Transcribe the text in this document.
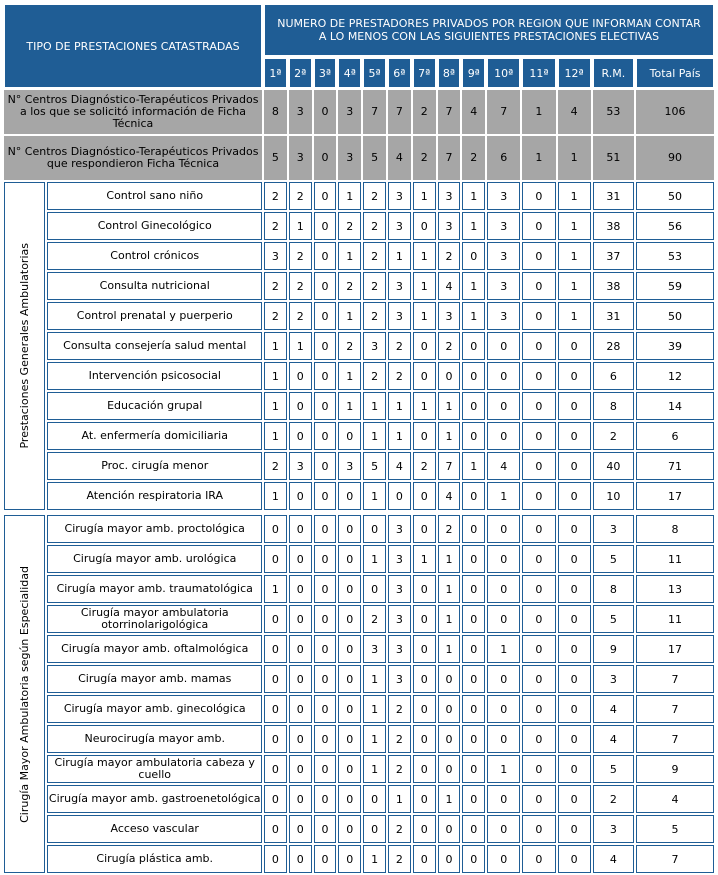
TIPO DE PRESTACIONES CATASTRADAS		NUMERO DE PRESTADORES PRIVADOS POR REGION QUE INFORMAN CONTAR
A LO MENOS CON LAS SIGUIENTES PRESTACIONES ELECTIVAS													

		1ª	2ª	3ª	4ª	5ª	6ª	7ª	8ª	9ª	10ª	11ª	12ª	R.M.	Total País
N° Centros Diagnóstico-Terapéuticos Privados a los que se solicitó información de Ficha Técnica		8	3	0	3	7	7	2	7	4	7	1	4	53	106
N° Centros Diagnóstico-Terapéuticos Privados que respondieron Ficha Técnica		5	3	0	3	5	4	2	7	2	6	1	1	51	90

Prestaciones Generales Ambulatorias	Control sano niño	2	2	0	1	2	3	1	3	1	3	0	1	31	50
	Control Ginecológico	2	1	0	2	2	3	0	3	1	3	0	1	38	56
	Control crónicos	3	2	0	1	2	1	1	2	0	3	0	1	37	53
	Consulta nutricional	2	2	0	2	2	3	1	4	1	3	0	1	38	59
	Control prenatal y puerperio	2	2	0	1	2	3	1	3	1	3	0	1	31	50
	Consulta consejería salud mental	1	1	0	2	3	2	0	2	0	0	0	0	28	39
	Intervención psicosocial	1	0	0	1	2	2	0	0	0	0	0	0	6	12
	Educación grupal	1	0	0	1	1	1	1	1	0	0	0	0	8	14
	At. enfermería domiciliaria	1	0	0	0	1	1	0	1	0	0	0	0	2	6
	Proc. cirugía menor	2	3	0	3	5	4	2	7	1	4	0	0	40	71
	Atención respiratoria IRA	1	0	0	0	1	0	0	4	0	1	0	0	10	17

Cirugía Mayor Ambulatoria según Especialidad	Cirugía mayor amb. proctológica	0	0	0	0	0	3	0	2	0	0	0	0	3	8
	Cirugía mayor amb. urológica	0	0	0	0	1	3	1	1	0	0	0	0	5	11
	Cirugía mayor amb. traumatológica	1	0	0	0	0	3	0	1	0	0	0	0	8	13
	Cirugía mayor ambulatoria otorrinolarigológica	0	0	0	0	2	3	0	1	0	0	0	0	5	11
	Cirugía mayor amb. oftalmológica	0	0	0	0	3	3	0	1	0	1	0	0	9	17
	Cirugía mayor amb. mamas	0	0	0	0	1	3	0	0	0	0	0	0	3	7
	Cirugía mayor amb. ginecológica	0	0	0	0	1	2	0	0	0	0	0	0	4	7
	Neurocirugía mayor amb.	0	0	0	0	1	2	0	0	0	0	0	0	4	7
	Cirugía mayor ambulatoria cabeza y cuello	0	0	0	0	1	2	0	0	0	1	0	0	5	9
	Cirugía mayor amb. gastroenetológica	0	0	0	0	0	1	0	1	0	0	0	0	2	4
	Acceso vascular	0	0	0	0	0	2	0	0	0	0	0	0	3	5
	Cirugía plástica amb.	0	0	0	0	1	2	0	0	0	0	0	0	4	7
